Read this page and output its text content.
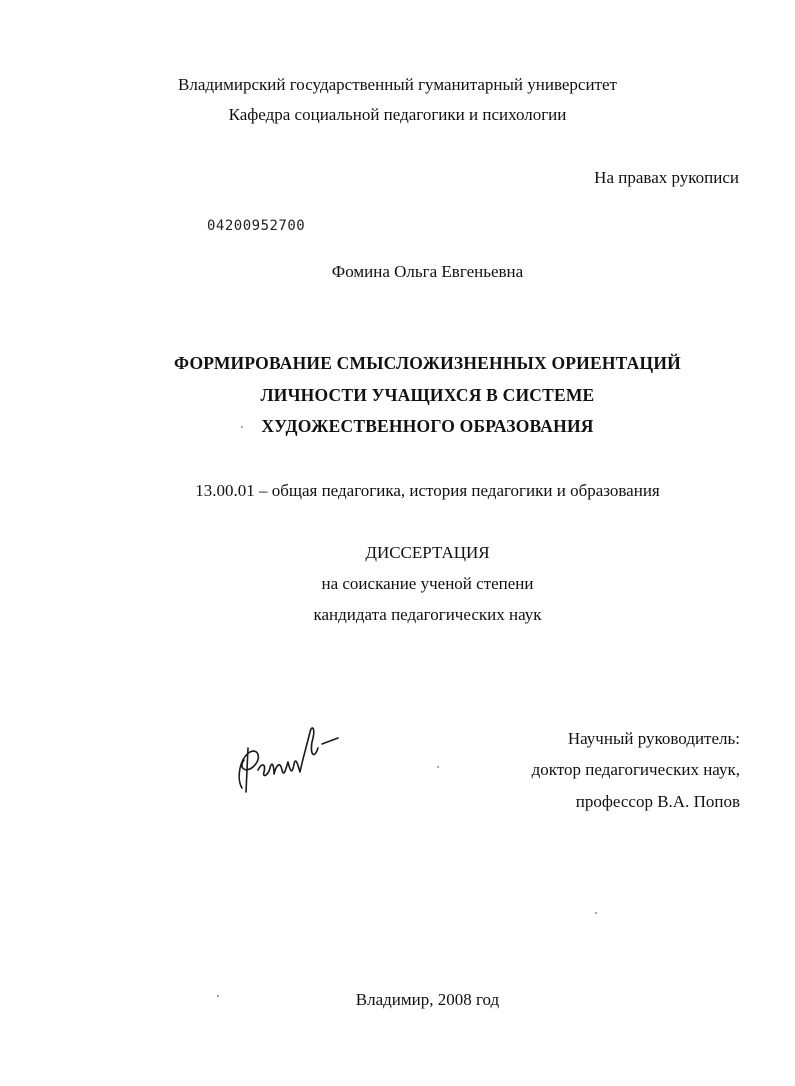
Владимирский государственный гуманитарный университет
Кафедра социальной педагогики и психологии
На правах рукописи
04200952700
Фомина Ольга Евгеньевна
ФОРМИРОВАНИЕ СМЫСЛОЖИЗНЕННЫХ ОРИЕНТАЦИЙ
ЛИЧНОСТИ УЧАЩИХСЯ В СИСТЕМЕ
ХУДОЖЕСТВЕННОГО ОБРАЗОВАНИЯ
13.00.01 – общая педагогика, история педагогики и образования
ДИССЕРТАЦИЯ
на соискание ученой степени
кандидата педагогических наук
Научный руководитель:
доктор педагогических наук,
профессор В.А. Попов
Владимир, 2008 год
